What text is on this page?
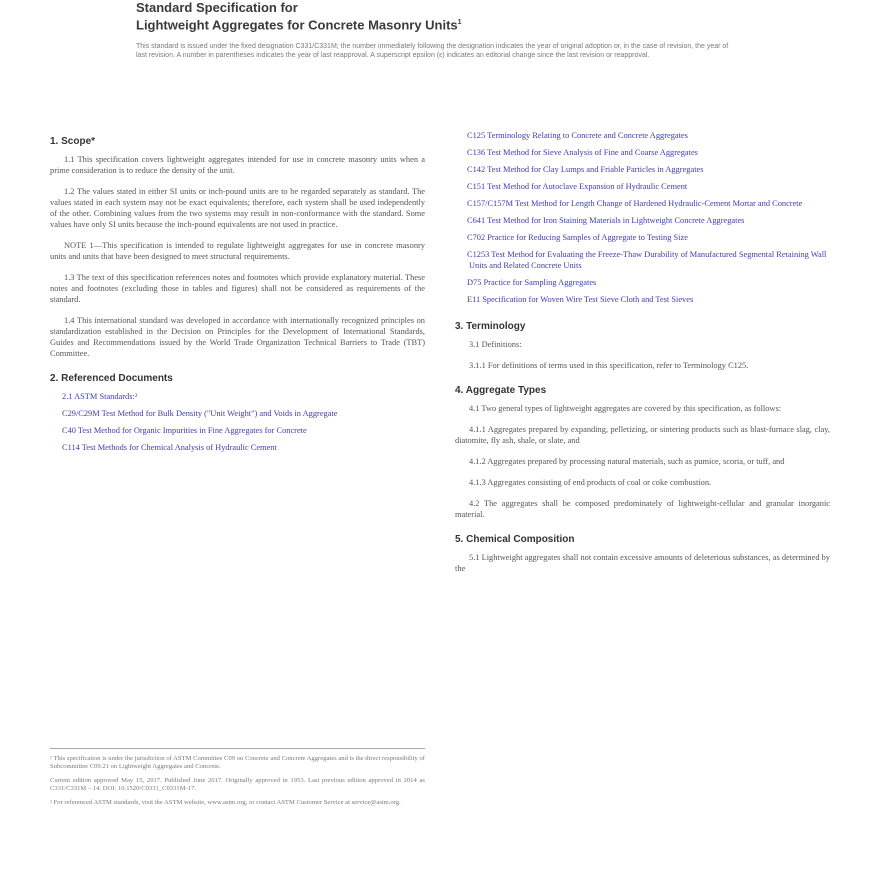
Standard Specification for
Lightweight Aggregates for Concrete Masonry Units$^1$
This standard is issued under the fixed designation C331/C331M; the number immediately following the designation indicates the year of original adoption or, in the case of revision, the year of last revision. A number in parentheses indicates the year of last reapproval. A superscript epsilon (ε) indicates an editorial change since the last revision or reapproval.
1. Scope*

1.1 This specification covers lightweight aggregates intended for use in concrete masonry units when a prime consideration is to reduce the density of the unit.

1.2 The values stated in either SI units or inch-pound units are to be regarded separately as standard. The values stated in each system may not be exact equivalents; therefore, each system shall be used independently of the other. Combining values from the two systems may result in non-conformance with the standard. Some values have only SI units because the inch-pound equivalents are not used in practice.

NOTE 1—This specification is intended to regulate lightweight aggregates for use in concrete masonry units and units that have been designed to meet structural requirements.

1.3 The text of this specification references notes and footnotes which provide explanatory material. These notes and footnotes (excluding those in tables and figures) shall not be considered as requirements of the standard.

1.4 This international standard was developed in accordance with internationally recognized principles on standardization established in the Decision on Principles for the Development of International Standards, Guides and Recommendations issued by the World Trade Organization Technical Barriers to Trade (TBT) Committee.

2. Referenced Documents
2.1 ASTM Standards:²
C29/C29M Test Method for Bulk Density ("Unit Weight") and Voids in Aggregate
C40 Test Method for Organic Impurities in Fine Aggregates for Concrete
C114 Test Methods for Chemical Analysis of Hydraulic Cement

¹ This specification is under the jurisdiction of ASTM Committee C09 on Concrete and Concrete Aggregates and is the direct responsibility of Subcommittee C09.21 on Lightweight Aggregates and Concrete.

Current edition approved May 15, 2017. Published June 2017. Originally approved in 1953. Last previous edition approved in 2014 as C331/C331M – 14. DOI: 10.1520/C0331_C0331M-17.

² For referenced ASTM standards, visit the ASTM website, www.astm.org, or contact ASTM Customer Service at service@astm.org.

C125 Terminology Relating to Concrete and Concrete Aggregates
C136 Test Method for Sieve Analysis of Fine and Coarse Aggregates
C142 Test Method for Clay Lumps and Friable Particles in Aggregates
C151 Test Method for Autoclave Expansion of Hydraulic Cement
C157/C157M Test Method for Length Change of Hardened Hydraulic-Cement Mortar and Concrete
C641 Test Method for Iron Staining Materials in Lightweight Concrete Aggregates
C702 Practice for Reducing Samples of Aggregate to Testing Size
C1253 Test Method for Evaluating the Freeze-Thaw Durability of Manufactured Segmental Retaining Wall Units and Related Concrete Units
D75 Practice for Sampling Aggregates
E11 Specification for Woven Wire Test Sieve Cloth and Test Sieves
3. Terminology

3.1 Definitions:

3.1.1 For definitions of terms used in this specification, refer to Terminology C125.

4. Aggregate Types

4.1 Two general types of lightweight aggregates are covered by this specification, as follows:

4.1.1 Aggregates prepared by expanding, pelletizing, or sintering products such as blast-furnace slag, clay, diatomite, fly ash, shale, or slate, and

4.1.2 Aggregates prepared by processing natural materials, such as pumice, scoria, or tuff, and

4.1.3 Aggregates consisting of end products of coal or coke combustion.

4.2 The aggregates shall be composed predominately of lightweight-cellular and granular inorganic material.

5. Chemical Composition

5.1 Lightweight aggregates shall not contain excessive amounts of deleterious substances, as determined by the
